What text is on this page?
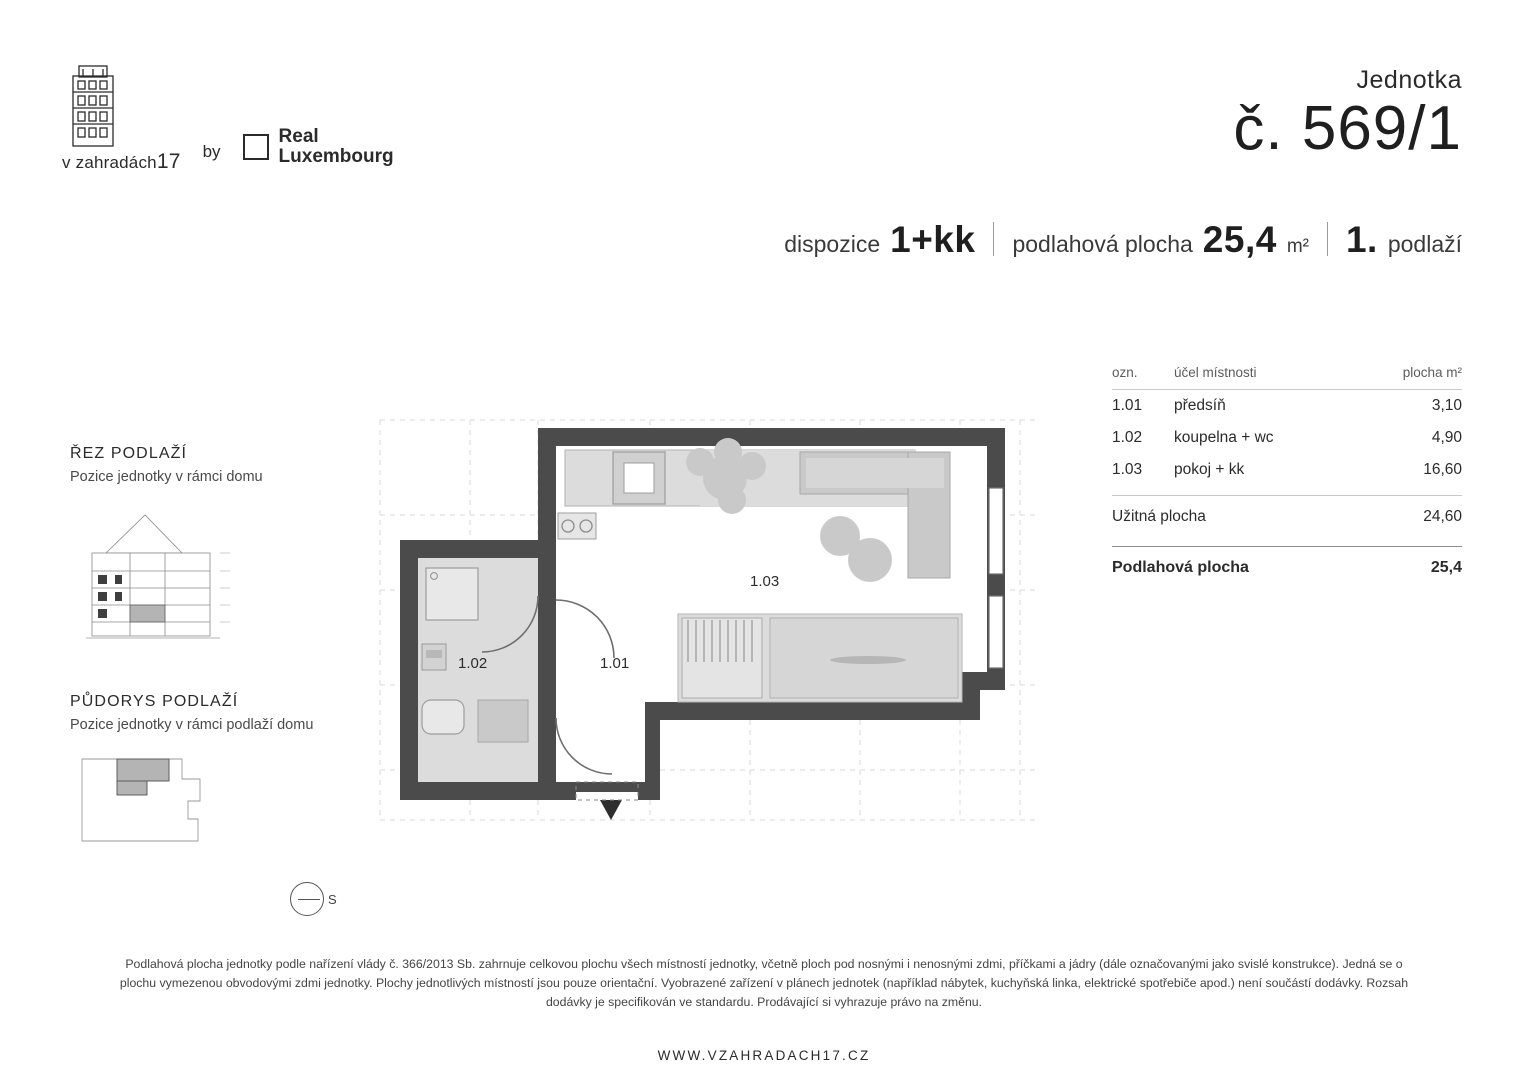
v zahradách17 by
Real
Luxembourg
Jednotka
č. 569/1
dispozice 1+kk podlahová plocha 25,4 m² 1. podlaží
ŘEZ PODLAŽÍ
Pozice jednotky v rámci domu
PŮDORYS PODLAŽÍ
Pozice jednotky v rámci podlaží domu
S
ozn.	účel místnosti	plocha m²
1.01	předsíň	3,10
1.02	koupelna + wc	4,90
1.03	pokoj + kk	16,60
Užitná plocha	24,60
Podlahová plocha	25,4
1.01
1.02
1.03
Podlahová plocha jednotky podle nařízení vlády č. 366/2013 Sb. zahrnuje celkovou plochu všech místností jednotky, včetně ploch pod nosnými i nenosnými zdmi, příčkami a jádry (dále označovanými jako svislé konstrukce). Jedná se o
plochu vymezenou obvodovými zdmi jednotky. Plochy jednotlivých místností jsou pouze orientační. Vyobrazené zařízení v plánech jednotek (například nábytek, kuchyňská linka, elektrické spotřebiče apod.) není součástí dodávky. Rozsah
dodávky je specifikován ve standardu. Prodávající si vyhrazuje právo na změnu.
WWW.VZAHRADACH17.CZ
